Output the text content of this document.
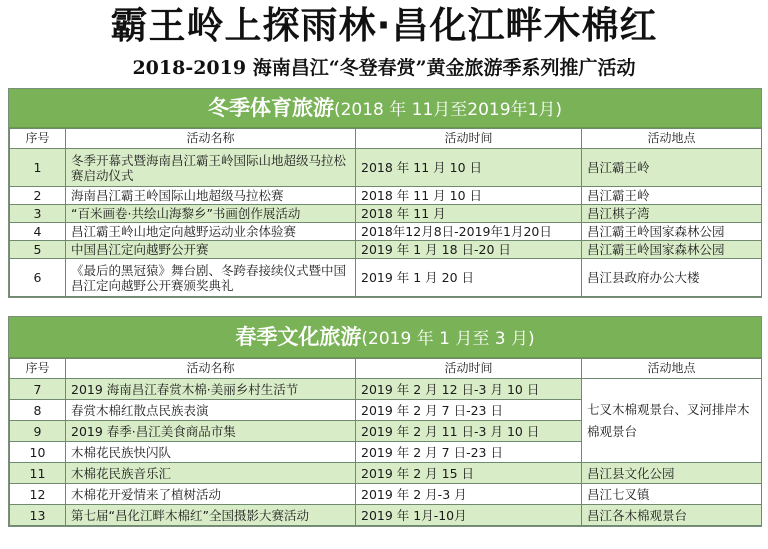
霸王岭上探雨林·昌化江畔木棉红
2018-2019 海南昌江“冬登春赏”黄金旅游季系列推广活动
冬季体育旅游(2018 年 11月至2019年1月)
序号	活动名称	活动时间	活动地点
1	冬季开幕式暨海南昌江霸王岭国际山地超级马拉松赛启动仪式	2018 年 11 月 10 日	昌江霸王岭
2	海南昌江霸王岭国际山地超级马拉松赛	2018 年 11 月 10 日	昌江霸王岭
3	“百米画卷·共绘山海黎乡”书画创作展活动	2018 年 11 月	昌江棋子湾
4	昌江霸王岭山地定向越野运动业余体验赛	2018年12月8日-2019年1月20日	昌江霸王岭国家森林公园
5	中国昌江定向越野公开赛	2019 年 1 月 18 日-20 日	昌江霸王岭国家森林公园
6	《最后的黑冠猿》舞台剧、冬跨春接续仪式暨中国昌江定向越野公开赛颁奖典礼	2019 年 1 月 20 日	昌江县政府办公大楼
春季文化旅游(2019 年 1 月至 3 月)
序号	活动名称	活动时间	活动地点
7	2019 海南昌江春赏木棉·美丽乡村生活节	2019 年 2 月 12 日-3 月 10 日	七叉木棉观景台、叉河排岸木棉观景台
8	春赏木棉红散点民族表演	2019 年 2 月 7 日-23 日	
9	2019 春季·昌江美食商品市集	2019 年 2 月 11 日-3 月 10 日	
10	木棉花民族快闪队	2019 年 2 月 7 日-23 日	
11	木棉花民族音乐汇	2019 年 2 月 15 日	昌江县文化公园
12	木棉花开爱情来了植树活动	2019 年 2 月-3 月	昌江七叉镇
13	第七届“昌化江畔木棉红”全国摄影大赛活动	2019 年 1月-10月	昌江各木棉观景台
